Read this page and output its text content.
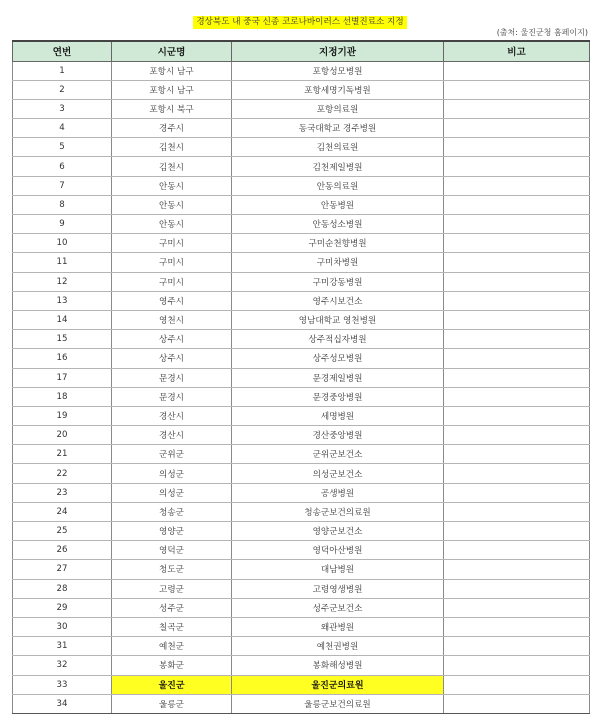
경상북도 내 중국 신종 코로나바이러스 선별진료소 지정
(출처: 울진군청 홈페이지)
연번	시군명	지정기관	비고
1	포항시 남구	포항성모병원	
2	포항시 남구	포항세명기독병원	
3	포항시 북구	포항의료원	
4	경주시	동국대학교 경주병원	
5	김천시	김천의료원	
6	김천시	김천제일병원	
7	안동시	안동의료원	
8	안동시	안동병원	
9	안동시	안동성소병원	
10	구미시	구미순천향병원	
11	구미시	구미차병원	
12	구미시	구미강동병원	
13	영주시	영주시보건소	
14	영천시	영남대학교 영천병원	
15	상주시	상주적십자병원	
16	상주시	상주성모병원	
17	문경시	문경제일병원	
18	문경시	문경중앙병원	
19	경산시	세명병원	
20	경산시	경산중앙병원	
21	군위군	군위군보건소	
22	의성군	의성군보건소	
23	의성군	공생병원	
24	청송군	청송군보건의료원	
25	영양군	영양군보건소	
26	영덕군	영덕아산병원	
27	청도군	대남병원	
28	고령군	고령영생병원	
29	성주군	성주군보건소	
30	칠곡군	왜관병원	
31	예천군	예천권병원	
32	봉화군	봉화해성병원	
33	울진군	울진군의료원	
34	울릉군	울릉군보건의료원	
